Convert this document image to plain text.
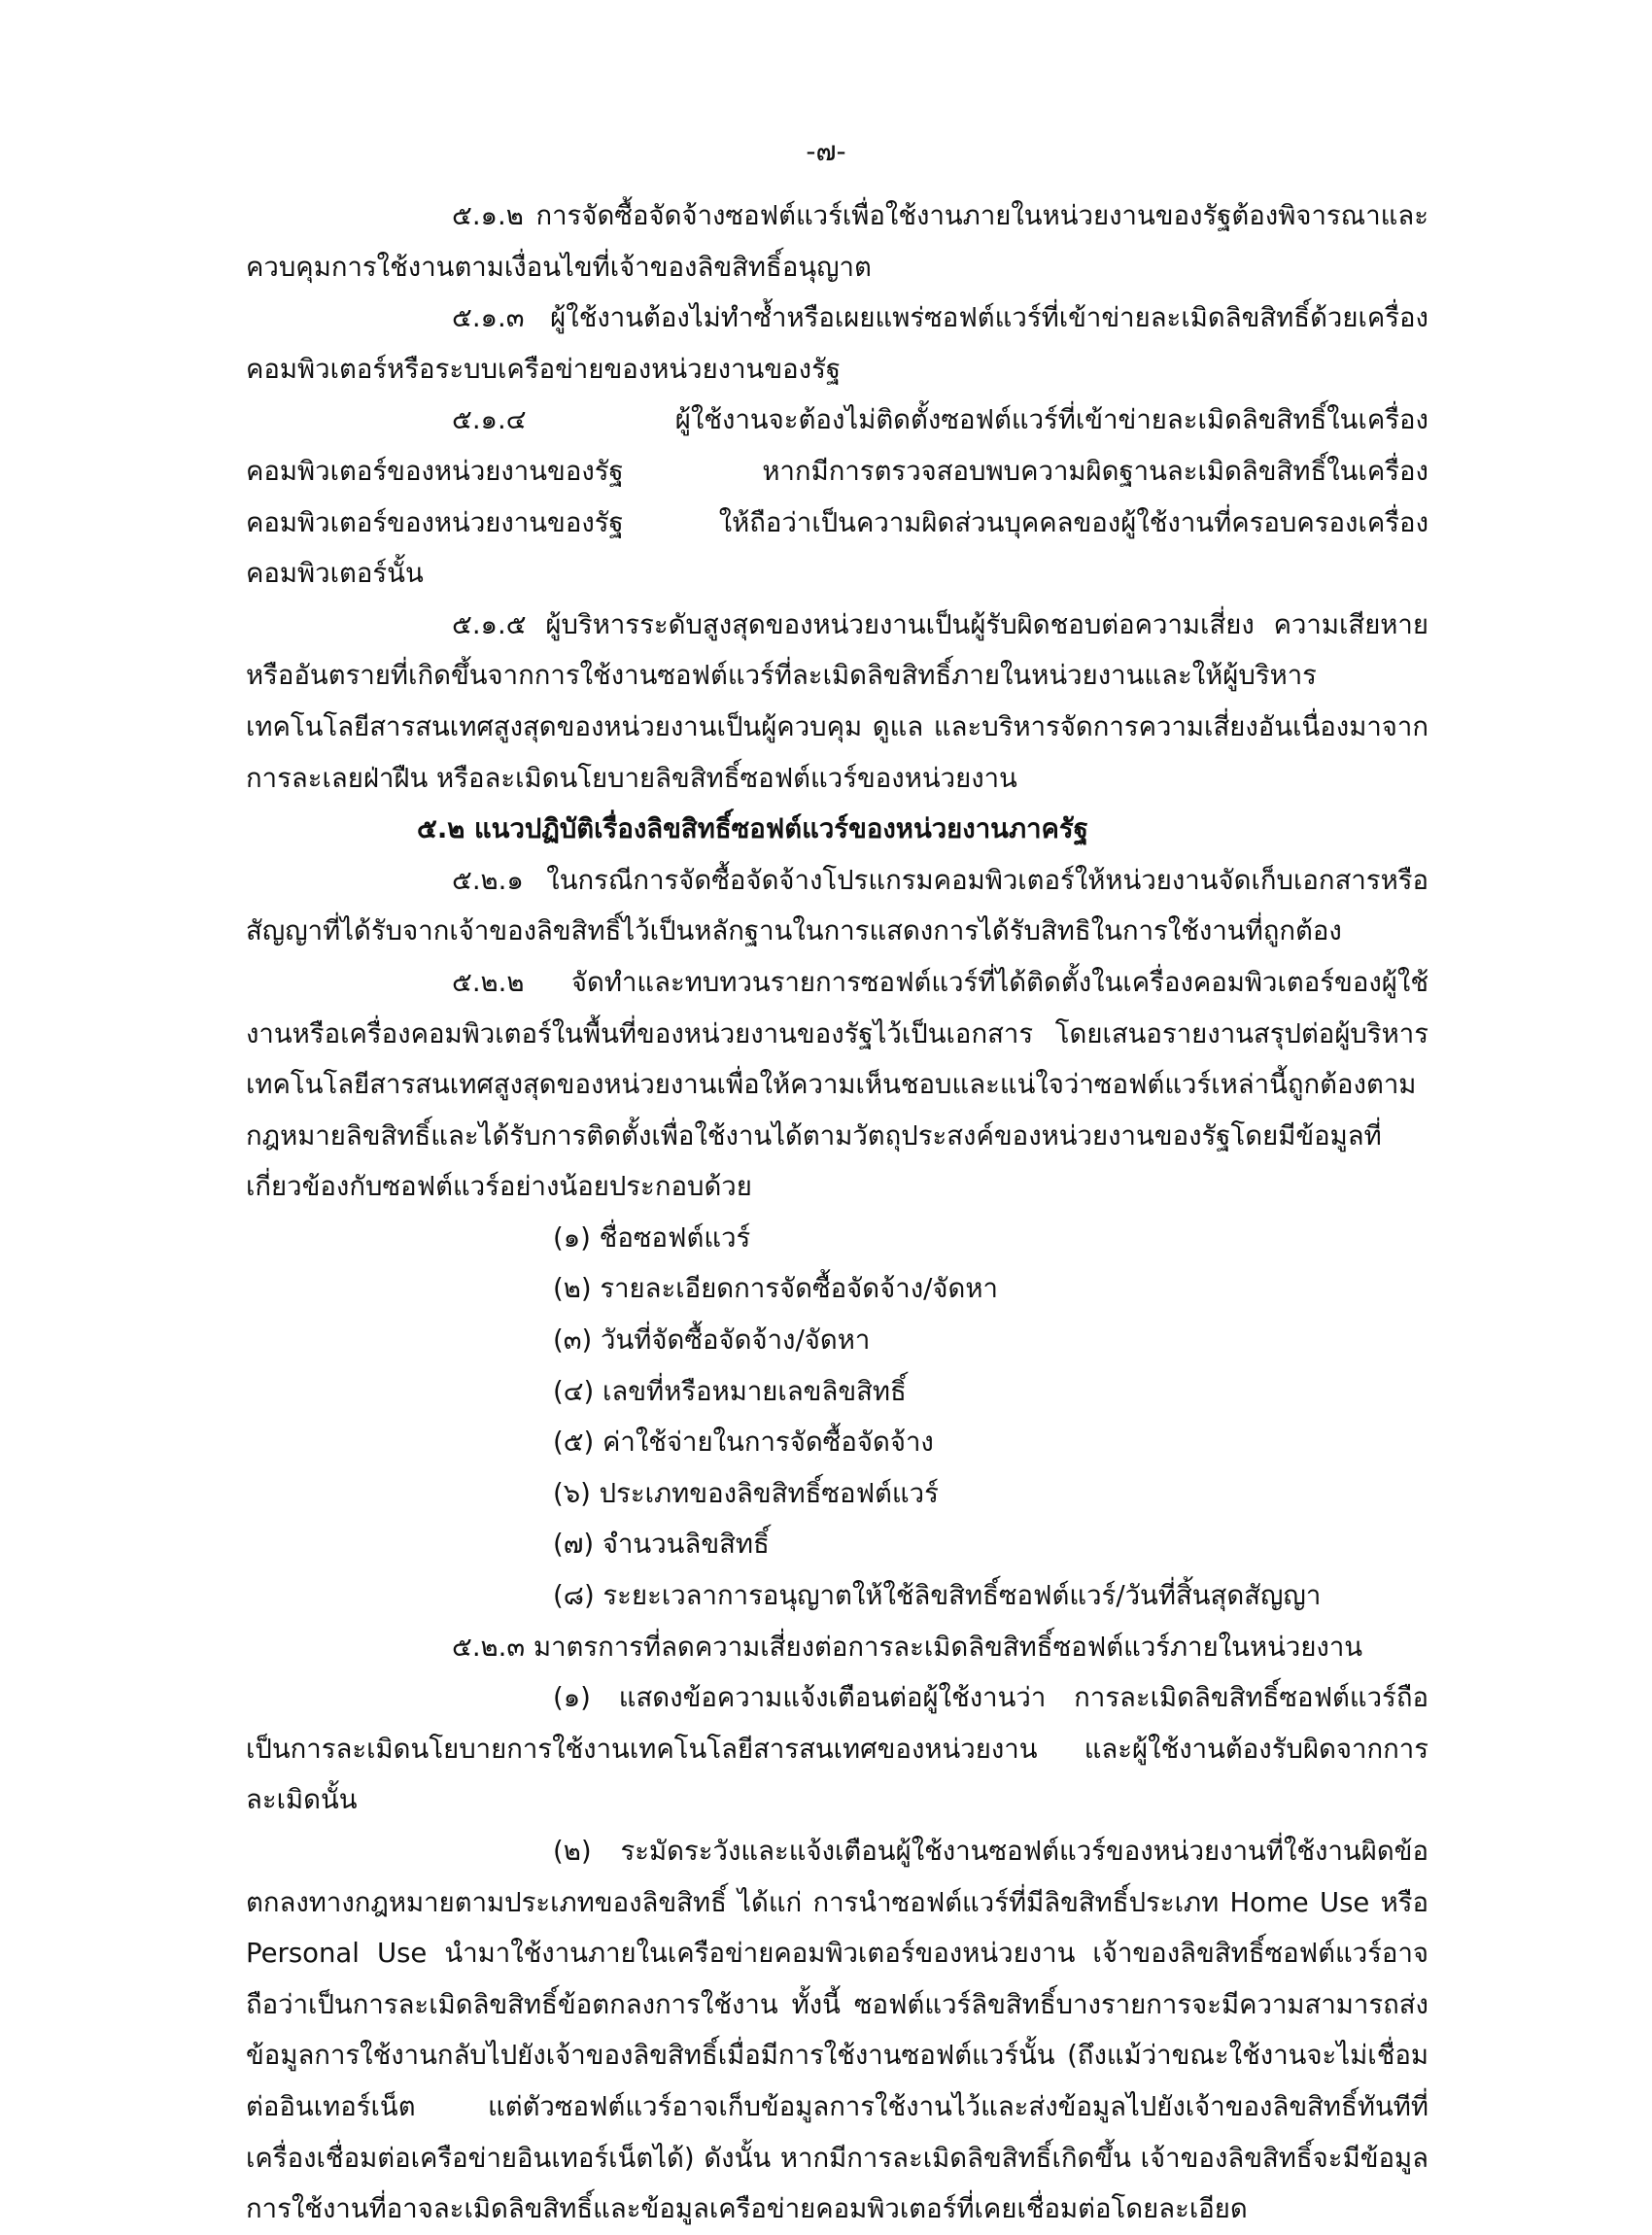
-๗-

๕.๑.๒ การจัดซื้อจัดจ้างซอฟต์แวร์เพื่อใช้งานภายในหน่วยงานของรัฐต้องพิจารณาและควบคุมการใช้งานตามเงื่อนไขที่เจ้าของลิขสิทธิ์อนุญาต

๕.๑.๓ ผู้ใช้งานต้องไม่ทำซ้ำหรือเผยแพร่ซอฟต์แวร์ที่เข้าข่ายละเมิดลิขสิทธิ์ด้วยเครื่องคอมพิวเตอร์หรือระบบเครือข่ายของหน่วยงานของรัฐ

๕.๑.๔ ผู้ใช้งานจะต้องไม่ติดตั้งซอฟต์แวร์ที่เข้าข่ายละเมิดลิขสิทธิ์ในเครื่องคอมพิวเตอร์ของหน่วยงานของรัฐ หากมีการตรวจสอบพบความผิดฐานละเมิดลิขสิทธิ์ในเครื่องคอมพิวเตอร์ของหน่วยงานของรัฐ ให้ถือว่าเป็นความผิดส่วนบุคคลของผู้ใช้งานที่ครอบครองเครื่องคอมพิวเตอร์นั้น

๕.๑.๕ ผู้บริหารระดับสูงสุดของหน่วยงานเป็นผู้รับผิดชอบต่อความเสี่ยง ความเสียหายหรืออันตรายที่เกิดขึ้นจากการใช้งานซอฟต์แวร์ที่ละเมิดลิขสิทธิ์ภายในหน่วยงานและให้ผู้บริหารเทคโนโลยีสารสนเทศสูงสุดของหน่วยงานเป็นผู้ควบคุม ดูแล และบริหารจัดการความเสี่ยงอันเนื่องมาจากการละเลยฝ่าฝืน หรือละเมิดนโยบายลิขสิทธิ์ซอฟต์แวร์ของหน่วยงาน

๕.๒ แนวปฏิบัติเรื่องลิขสิทธิ์ซอฟต์แวร์ของหน่วยงานภาครัฐ

๕.๒.๑ ในกรณีการจัดซื้อจัดจ้างโปรแกรมคอมพิวเตอร์ให้หน่วยงานจัดเก็บเอกสารหรือสัญญาที่ได้รับจากเจ้าของลิขสิทธิ์ไว้เป็นหลักฐานในการแสดงการได้รับสิทธิในการใช้งานที่ถูกต้อง

๕.๒.๒ จัดทำและทบทวนรายการซอฟต์แวร์ที่ได้ติดตั้งในเครื่องคอมพิวเตอร์ของผู้ใช้งานหรือเครื่องคอมพิวเตอร์ในพื้นที่ของหน่วยงานของรัฐไว้เป็นเอกสาร โดยเสนอรายงานสรุปต่อผู้บริหารเทคโนโลยีสารสนเทศสูงสุดของหน่วยงานเพื่อให้ความเห็นชอบและแน่ใจว่าซอฟต์แวร์เหล่านี้ถูกต้องตามกฎหมายลิขสิทธิ์และได้รับการติดตั้งเพื่อใช้งานได้ตามวัตถุประสงค์ของหน่วยงานของรัฐโดยมีข้อมูลที่เกี่ยวข้องกับซอฟต์แวร์อย่างน้อยประกอบด้วย

(๑) ชื่อซอฟต์แวร์

(๒) รายละเอียดการจัดซื้อจัดจ้าง/จัดหา

(๓) วันที่จัดซื้อจัดจ้าง/จัดหา

(๔) เลขที่หรือหมายเลขลิขสิทธิ์

(๕) ค่าใช้จ่ายในการจัดซื้อจัดจ้าง

(๖) ประเภทของลิขสิทธิ์ซอฟต์แวร์

(๗) จำนวนลิขสิทธิ์

(๘) ระยะเวลาการอนุญาตให้ใช้ลิขสิทธิ์ซอฟต์แวร์/วันที่สิ้นสุดสัญญา

๕.๒.๓ มาตรการที่ลดความเสี่ยงต่อการละเมิดลิขสิทธิ์ซอฟต์แวร์ภายในหน่วยงาน

(๑) แสดงข้อความแจ้งเตือนต่อผู้ใช้งานว่า การละเมิดลิขสิทธิ์ซอฟต์แวร์ถือเป็นการละเมิดนโยบายการใช้งานเทคโนโลยีสารสนเทศของหน่วยงาน และผู้ใช้งานต้องรับผิดจากการละเมิดนั้น

(๒) ระมัดระวังและแจ้งเตือนผู้ใช้งานซอฟต์แวร์ของหน่วยงานที่ใช้งานผิดข้อตกลงทางกฎหมายตามประเภทของลิขสิทธิ์ ได้แก่ การนำซอฟต์แวร์ที่มีลิขสิทธิ์ประเภท Home Use หรือ Personal Use นำมาใช้งานภายในเครือข่ายคอมพิวเตอร์ของหน่วยงาน เจ้าของลิขสิทธิ์ซอฟต์แวร์อาจถือว่าเป็นการละเมิดลิขสิทธิ์ข้อตกลงการใช้งาน ทั้งนี้ ซอฟต์แวร์ลิขสิทธิ์บางรายการจะมีความสามารถส่งข้อมูลการใช้งานกลับไปยังเจ้าของลิขสิทธิ์เมื่อมีการใช้งานซอฟต์แวร์นั้น (ถึงแม้ว่าขณะใช้งานจะไม่เชื่อมต่ออินเทอร์เน็ต แต่ตัวซอฟต์แวร์อาจเก็บข้อมูลการใช้งานไว้และส่งข้อมูลไปยังเจ้าของลิขสิทธิ์ทันทีที่เครื่องเชื่อมต่อเครือข่ายอินเทอร์เน็ตได้) ดังนั้น หากมีการละเมิดลิขสิทธิ์เกิดขึ้น เจ้าของลิขสิทธิ์จะมีข้อมูลการใช้งานที่อาจละเมิดลิขสิทธิ์และข้อมูลเครือข่ายคอมพิวเตอร์ที่เคยเชื่อมต่อโดยละเอียด
